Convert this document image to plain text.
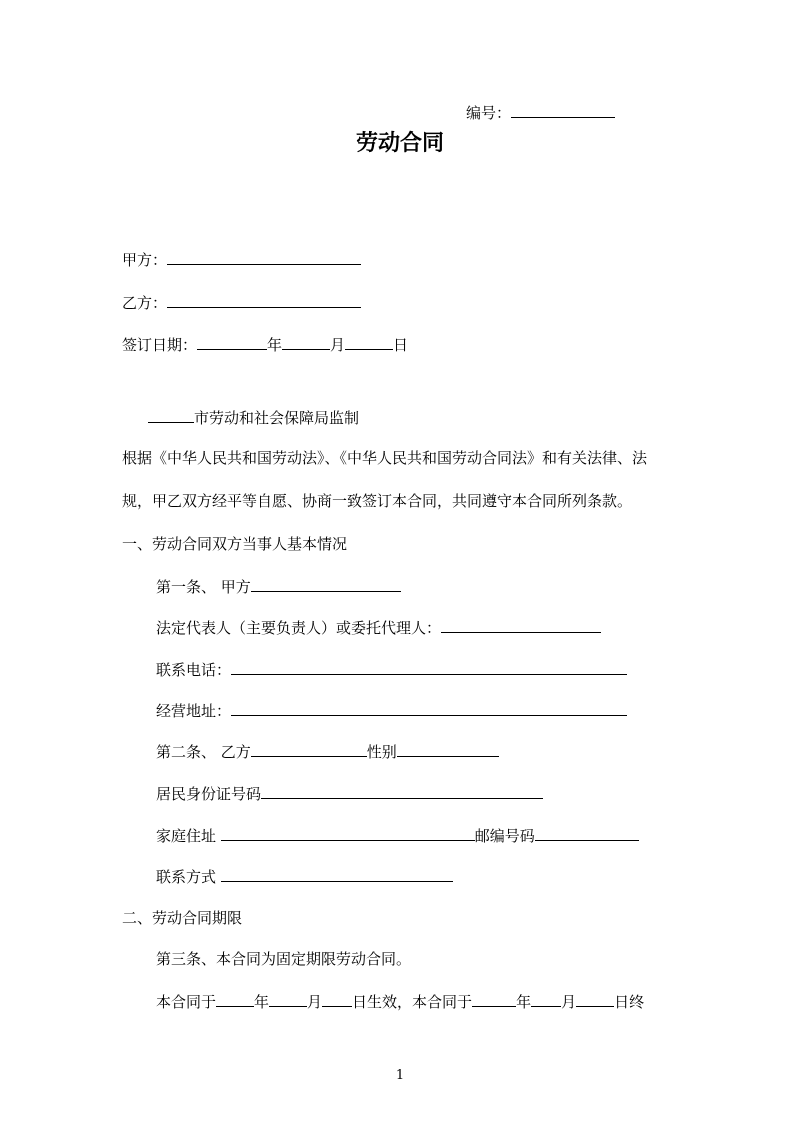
编号：
劳动合同
甲方：
乙方：
签订日期：	年	月	日
市劳动和社会保障局监制
根据《中华人民共和国劳动法》、《中华人民共和国劳动合同法》和有关法律、法
规，甲乙双方经平等自愿、协商一致签订本合同，共同遵守本合同所列条款。
一、劳动合同双方当事人基本情况
第一条、 甲方
法定代表人（主要负责人）或委托代理人：
联系电话：
经营地址：
第二条、 乙方	性别
居民身份证号码
家庭住址	邮编号码
联系方式
二、劳动合同期限
第三条、本合同为固定期限劳动合同。
本合同于	年	月 日生效，本合同于	年 月	日终
1
